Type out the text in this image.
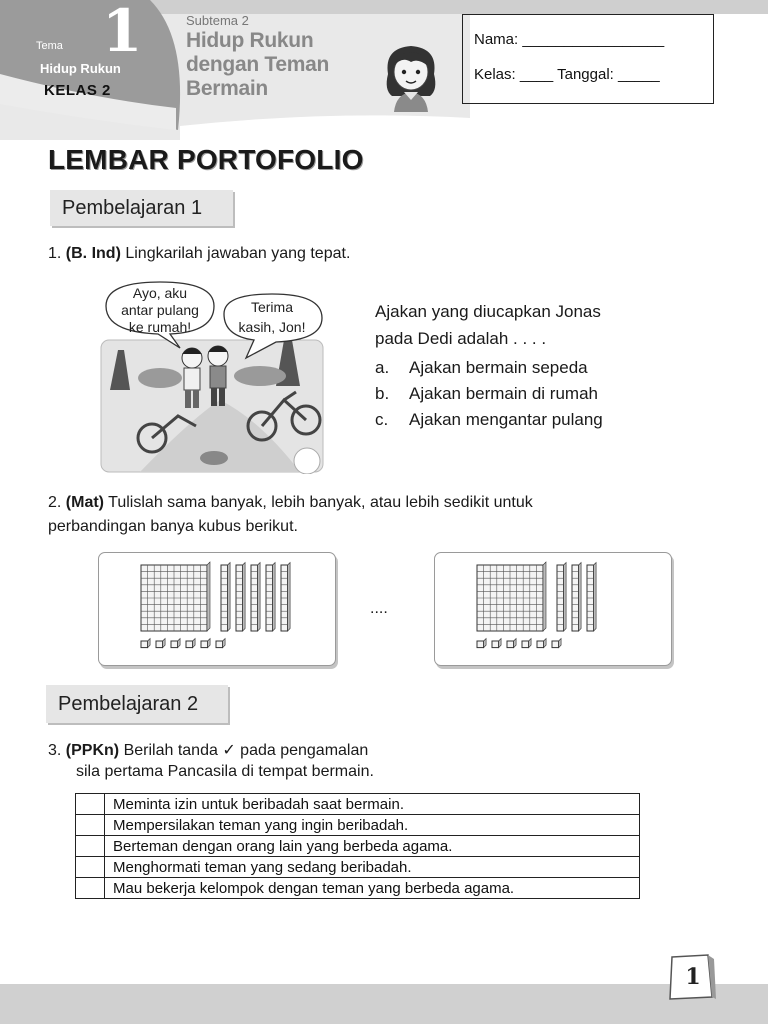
Tema 1
Hidup Rukun
KELAS 2
Subtema 2
Hidup Rukun
dengan Teman
Bermain
Nama: _________________
Kelas: ____ Tanggal: _____
LEMBAR PORTOFOLIO
Pembelajaran 1
1. (B. Ind) Lingkarilah jawaban yang tepat.
Ayo, aku
antar pulang
ke rumah!
Terima
kasih, Jon!
Ajakan yang diucapkan Jonas
pada Dedi adalah . . . .
a. Ajakan bermain sepeda
b. Ajakan bermain di rumah
c. Ajakan mengantar pulang
2. (Mat) Tulislah sama banyak, lebih banyak, atau lebih sedikit untuk
perbandingan banya kubus berikut.
....
Pembelajaran 2
3. (PPKn) Berilah tanda ✓ pada pengamalan
sila pertama Pancasila di tempat bermain.
	Meminta izin untuk beribadah saat bermain.
	Mempersilakan teman yang ingin beribadah.
	Berteman dengan orang lain yang berbeda agama.
	Menghormati teman yang sedang beribadah.
	Mau bekerja kelompok dengan teman yang berbeda agama.
1
